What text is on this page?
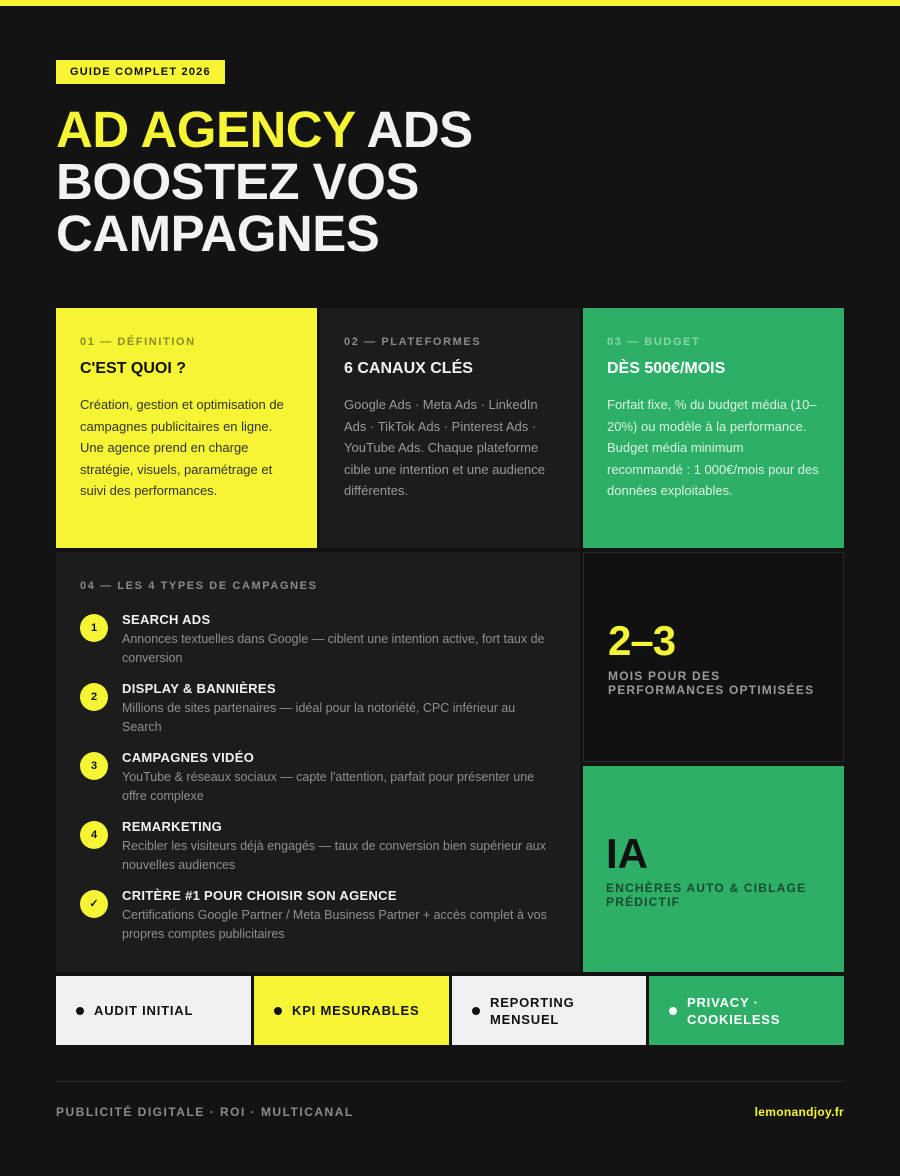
GUIDE COMPLET 2026
AD AGENCY ADS
BOOSTEZ VOS
CAMPAGNES
01 — DÉFINITION
C'EST QUOI ?
Création, gestion et optimisation de campagnes publicitaires en ligne. Une agence prend en charge stratégie, visuels, paramétrage et suivi des performances.
02 — PLATEFORMES
6 CANAUX CLÉS
Google Ads · Meta Ads · LinkedIn Ads · TikTok Ads · Pinterest Ads · YouTube Ads. Chaque plateforme cible une intention et une audience différentes.
03 — BUDGET
DÈS 500€/MOIS
Forfait fixe, % du budget média (10–20%) ou modèle à la performance. Budget média minimum recommandé : 1 000€/mois pour des données exploitables.
04 — LES 4 TYPES DE CAMPAGNES
1
SEARCH ADS
Annonces textuelles dans Google — ciblent une intention active, fort taux de conversion
2
DISPLAY & BANNIÈRES
Millions de sites partenaires — idéal pour la notoriété, CPC inférieur au Search
3
CAMPAGNES VIDÉO
YouTube & réseaux sociaux — capte l'attention, parfait pour présenter une offre complexe
4
REMARKETING
Recibler les visiteurs déjà engagés — taux de conversion bien supérieur aux nouvelles audiences
✓
CRITÈRE #1 POUR CHOISIR SON AGENCE
Certifications Google Partner / Meta Business Partner + accès complet à vos propres comptes publicitaires
2–3
MOIS POUR DES PERFORMANCES OPTIMISÉES
IA
ENCHÈRES AUTO & CIBLAGE PRÉDICTIF
AUDIT INITIAL	KPI MESURABLES
REPORTING MENSUEL
PRIVACY · COOKIELESS
PUBLICITÉ DIGITALE · ROI · MULTICANAL	lemonandjoy.fr
